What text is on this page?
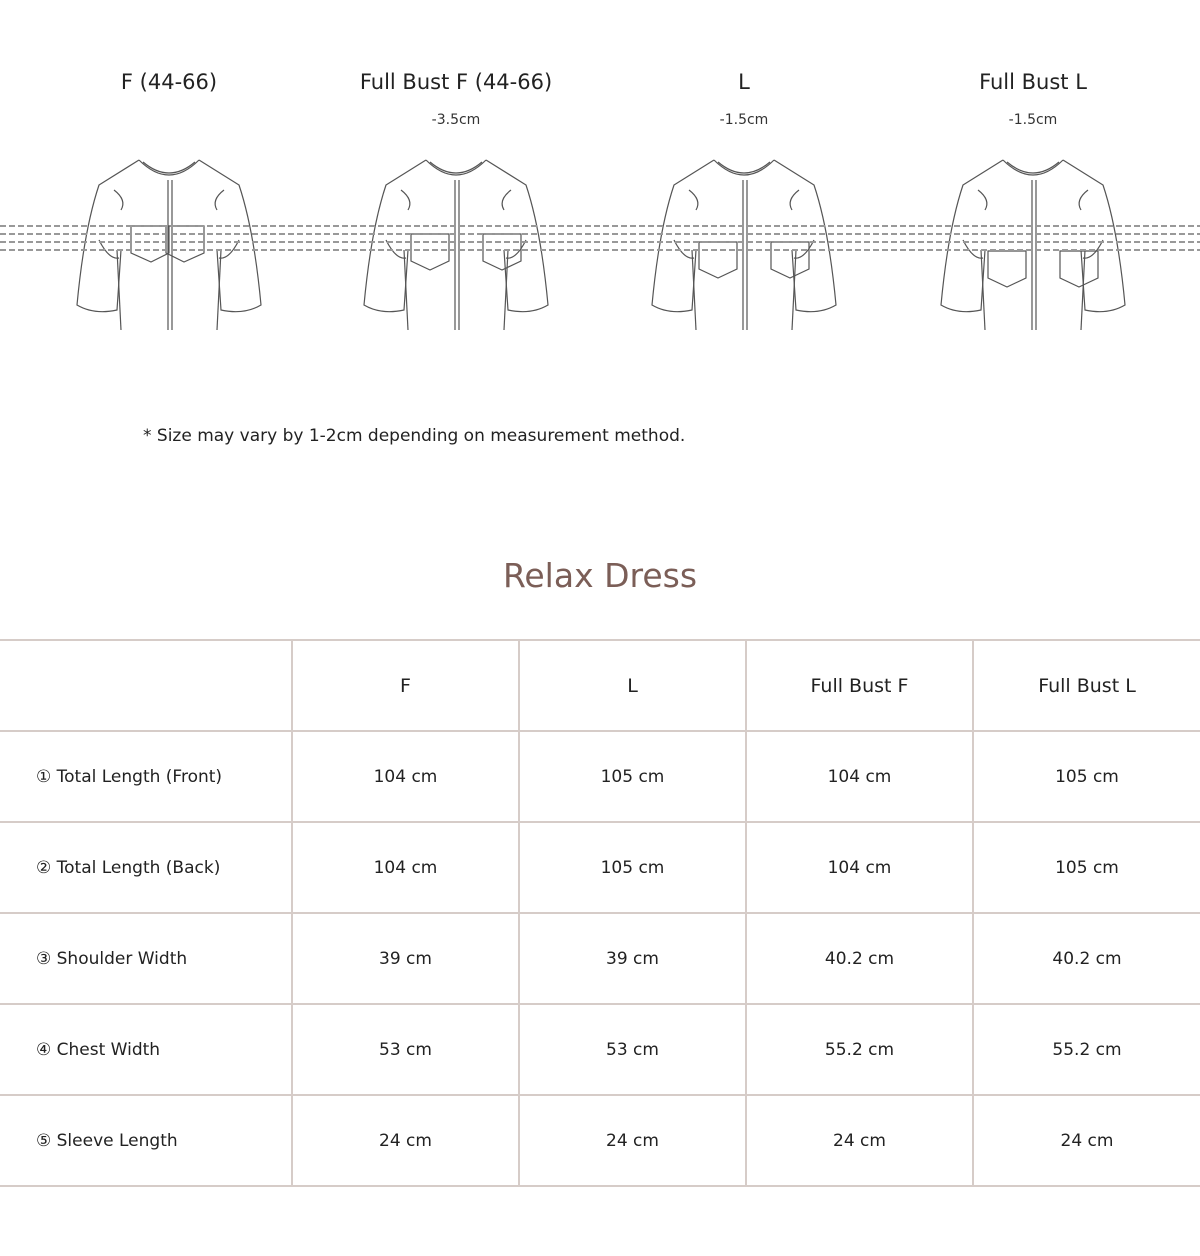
F (44-66)	Full Bust F (44-66)
-3.5cm
L
-1.5cm
Full Bust L
-1.5cm
* Size may vary by 1-2cm depending on measurement method.
Relax Dress
	F	L	Full Bust F	Full Bust L
① Total Length (Front)	104 cm	105 cm	104 cm	105 cm
② Total Length (Back)	104 cm	105 cm	104 cm	105 cm
③ Shoulder Width	39 cm	39 cm	40.2 cm	40.2 cm
④ Chest Width	53 cm	53 cm	55.2 cm	55.2 cm
⑤ Sleeve Length	24 cm	24 cm	24 cm	24 cm
